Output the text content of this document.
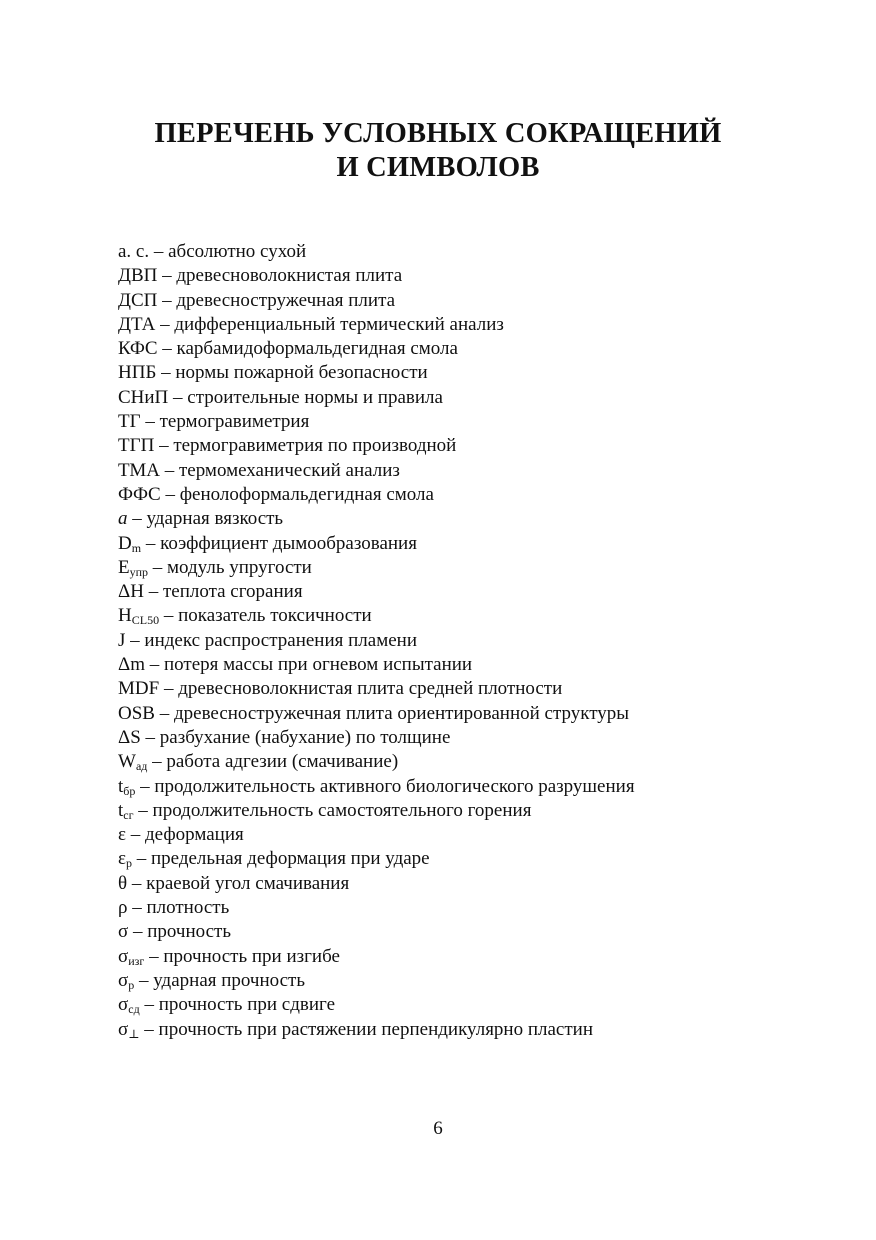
ПЕРЕЧЕНЬ УСЛОВНЫХ СОКРАЩЕНИЙ
И СИМВОЛОВ
а. с. – абсолютно сухой
ДВП – древесноволокнистая плита
ДСП – древесностружечная плита
ДТА – дифференциальный термический анализ
КФС – карбамидоформальдегидная смола
НПБ – нормы пожарной безопасности
СНиП – строительные нормы и правила
ТГ – термогравиметрия
ТГП – термогравиметрия по производной
ТМА – термомеханический анализ
ФФС – фенолоформальдегидная смола
a – ударная вязкость
$D_m$ – коэффициент дымообразования
$E_{упр}$ – модуль упругости
ΔH – теплота сгорания
$H_{CL50}$ – показатель токсичности
J – индекс распространения пламени
Δm – потеря массы при огневом испытании
MDF – древесноволокнистая плита средней плотности
OSB – древесностружечная плита ориентированной структуры
ΔS – разбухание (набухание) по толщине
$W_{ад}$ – работа адгезии (смачивание)
$t_{бр}$ – продолжительность активного биологического разрушения
$t_{сг}$ – продолжительность самостоятельного горения
ε – деформация
$\varepsilon_р$ – предельная деформация при ударе
θ – краевой угол смачивания
ρ – плотность
σ – прочность
$\sigma_{изг}$ – прочность при изгибе
$\sigma_р$ – ударная прочность
$\sigma_{сд}$ – прочность при сдвиге
$\sigma_\perp$ – прочность при растяжении перпендикулярно пластин
6
